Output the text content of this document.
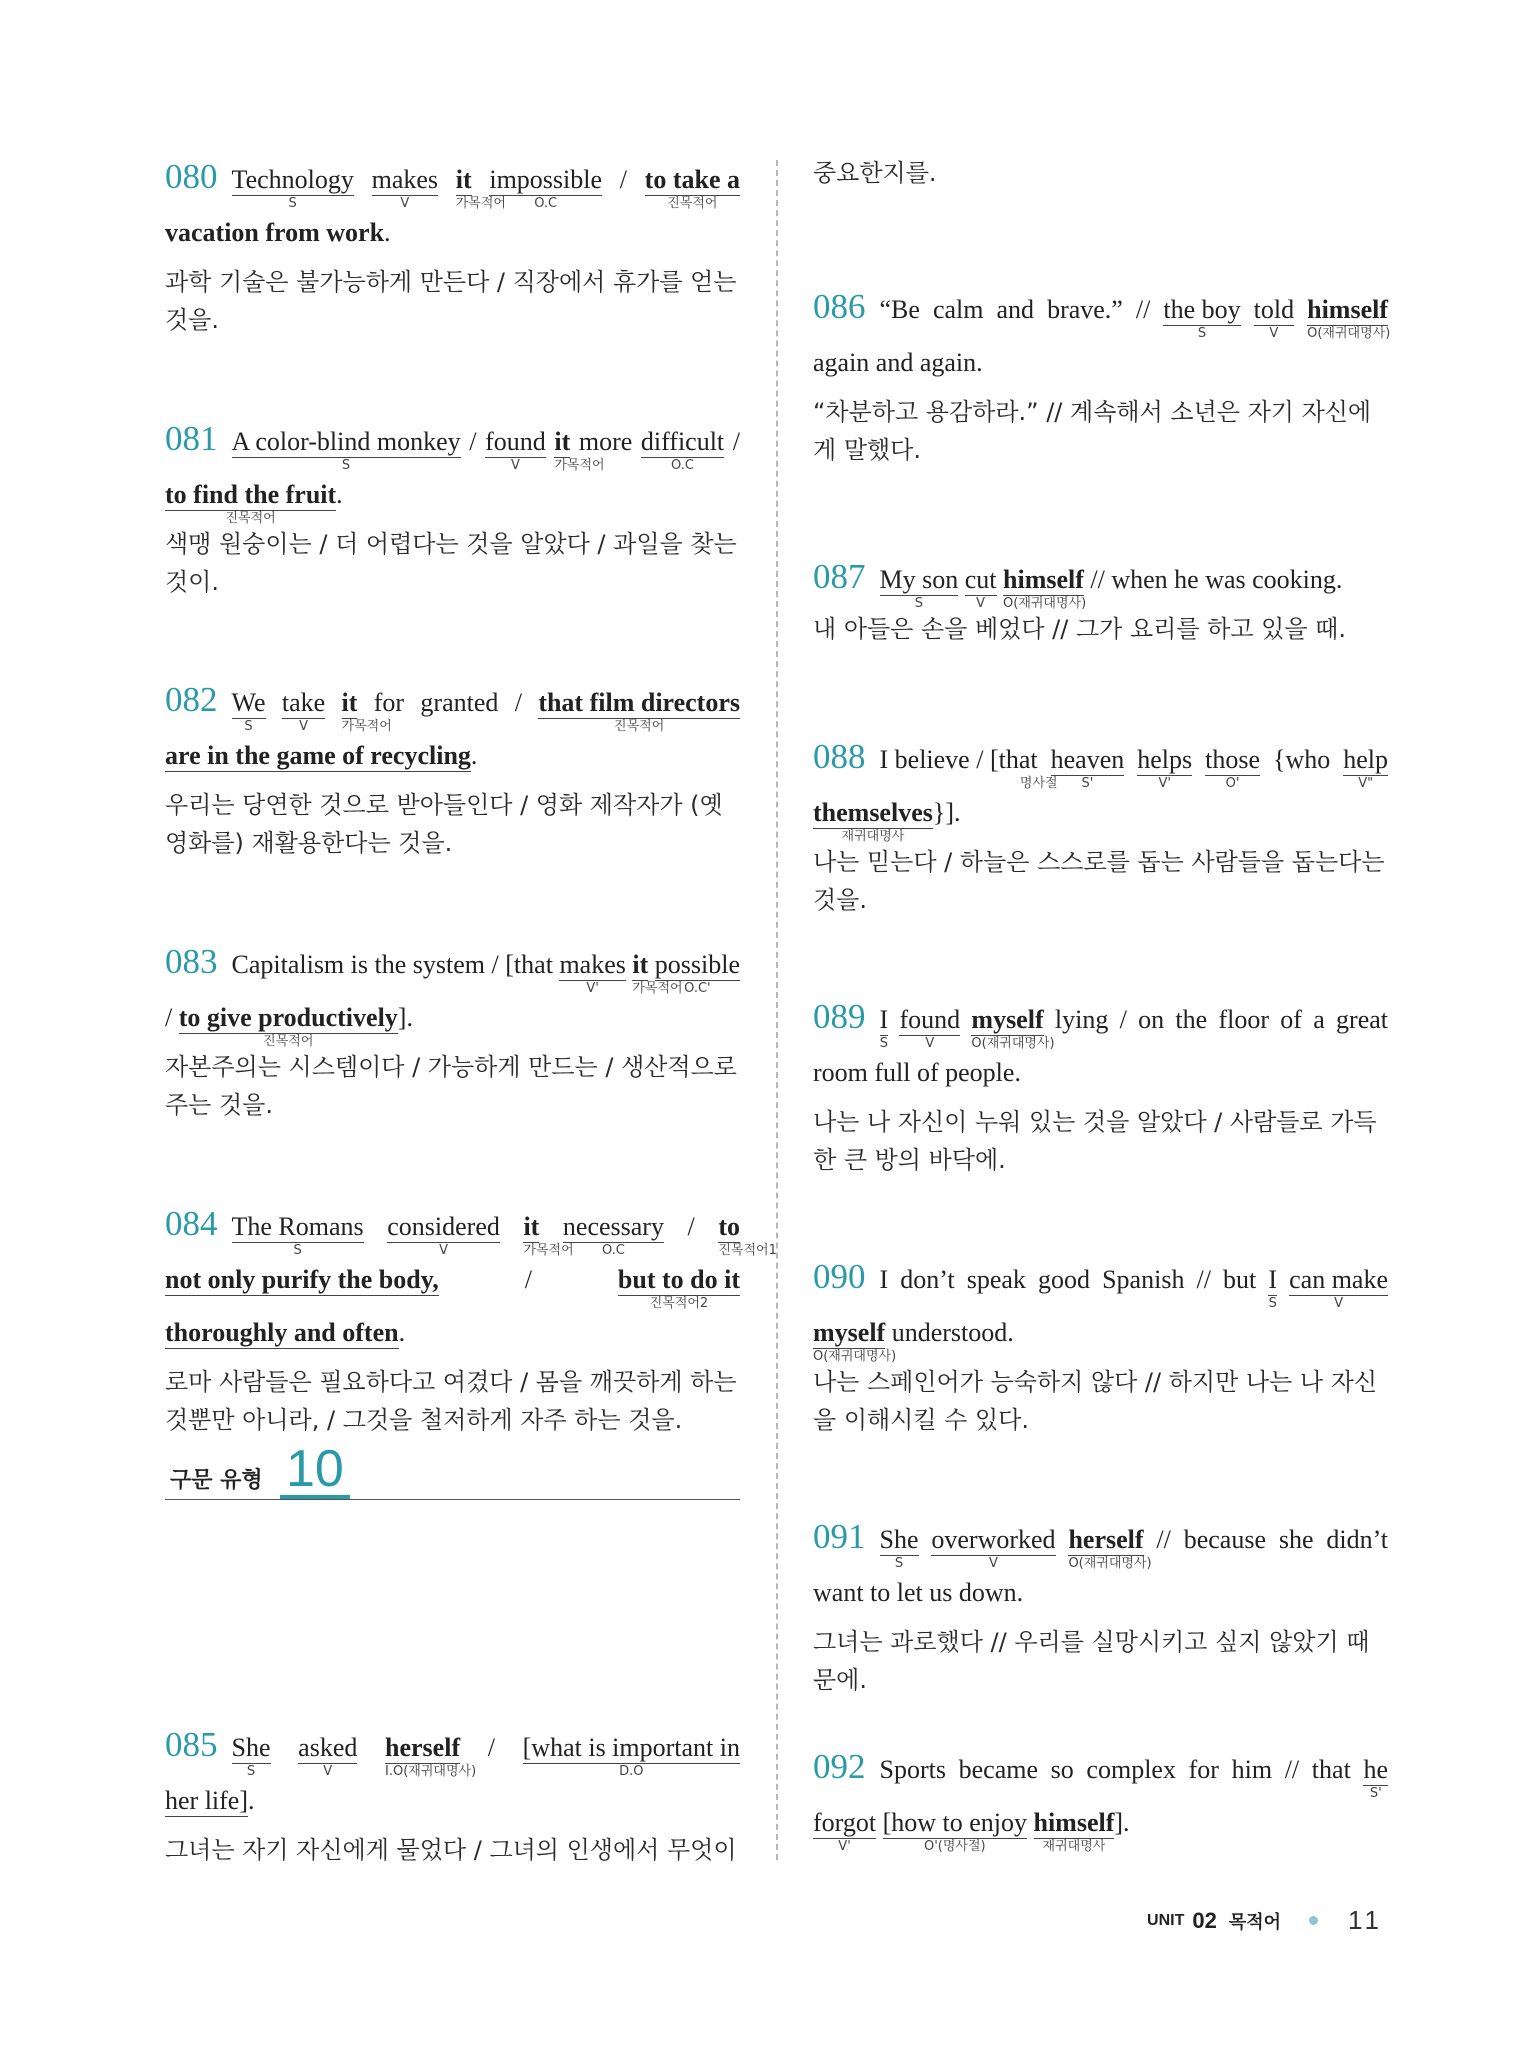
080 Technology
S
makes
V
it
가목적어
impossible
O.C
/ to take a
진목적어
vacation from work.
과학 기술은 불가능하게 만든다 / 직장에서 휴가를 얻는 것을.
081 A color-blind monkey
S
/ found
V
it
가목적어
more difficult
O.C
/ to find the fruit
진목적어
.
색맹 원숭이는 / 더 어렵다는 것을 알았다 / 과일을 찾는 것이.
082 We
S
take
V
it
가목적어
for granted / that film directors
진목적어
are in the game of recycling.
우리는 당연한 것으로 받아들인다 / 영화 제작자가 (옛 영화를) 재활용한다는 것을.
083 Capitalism is the system / [that makes
V'
it
가목적어
possible
O.C'
/ to give productively
진목적어
].
자본주의는 시스템이다 / 가능하게 만드는 / 생산적으로 주는 것을.
084 The Romans
S
considered
V
it
가목적어
necessary
O.C
/ to
진목적어1
not only purify the body, / but to do it
진목적어2
thoroughly and often.
로마 사람들은 필요하다고 여겼다 / 몸을 깨끗하게 하는 것뿐만 아니라, / 그것을 철저하게 자주 하는 것을.
085 She
S
asked
V
herself
I.O(재귀대명사)
/ [what is important in
D.O
her life].
그녀는 자기 자신에게 물었다 / 그녀의 인생에서 무엇이
중요한지를.
086 “Be calm and brave.” // the boy
S
told
V
himself
O(재귀대명사)
again and again.
“차분하고 용감하라.” // 계속해서 소년은 자기 자신에게 말했다.
087 My son
S
cut
V
himself
O(재귀대명사)
// when he was cooking.
내 아들은 손을 베었다 // 그가 요리를 하고 있을 때.
088 I believe / [that
명사절
heaven
S'
helps
V'
those
O'
{who help
V"
themselves
재귀대명사
}].
나는 믿는다 / 하늘은 스스로를 돕는 사람들을 돕는다는 것을.
089 I
S
found
V
myself
O(재귀대명사)
lying / on the floor of a great room full of people.
나는 나 자신이 누워 있는 것을 알았다 / 사람들로 가득한 큰 방의 바닥에.
090 I don’t speak good Spanish // but I
S
can make
V
myself
O(재귀대명사)
understood.
나는 스페인어가 능숙하지 않다 // 하지만 나는 나 자신을 이해시킬 수 있다.
091 She
S
overworked
V
herself
O(재귀대명사)
// because she didn’t want to let us down.
그녀는 과로했다 // 우리를 실망시키고 싶지 않았기 때문에.
092 Sports became so complex for him // that he
S'
forgot
V'
[how to enjoy
O'(명사절)
himself
재귀대명사
].
구문 유형 10
UNIT 02 목적어	11
